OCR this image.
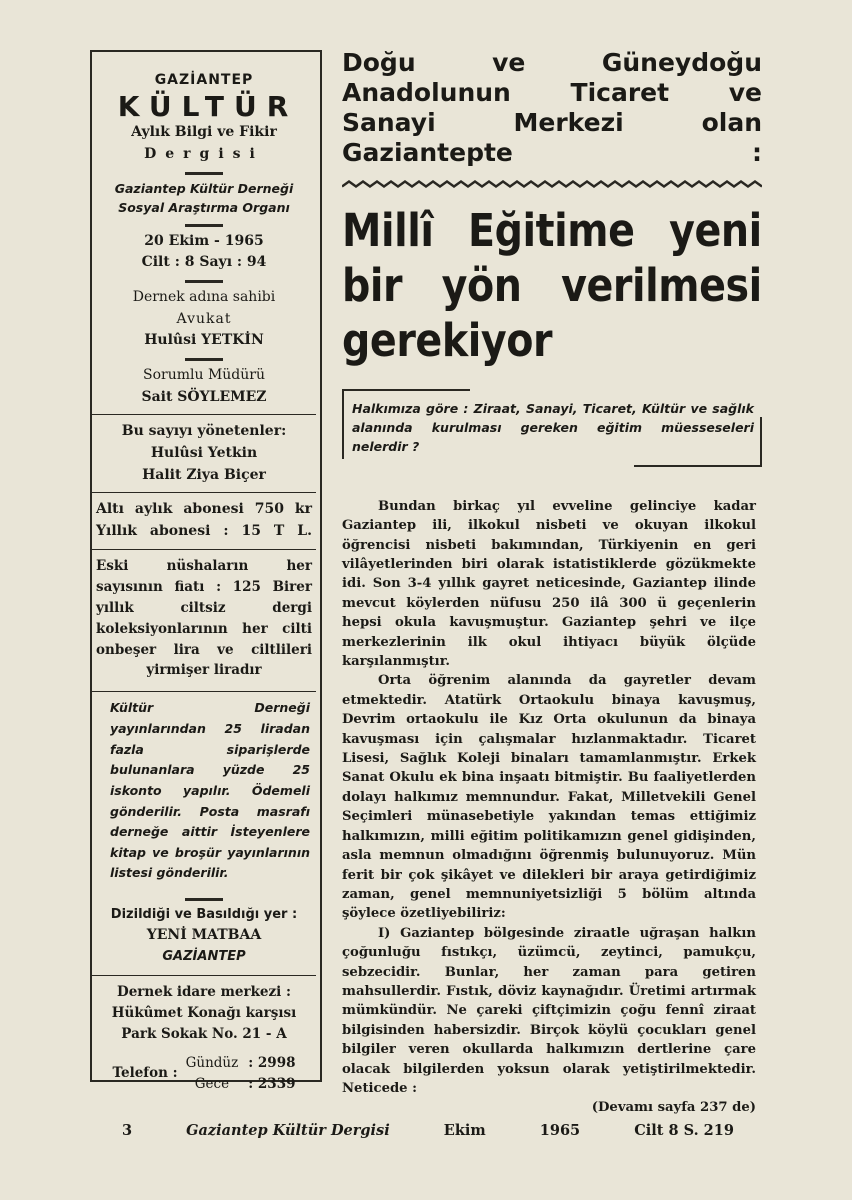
GAZİANTEP
KÜLTÜR
Aylık Bilgi ve Fikir
Dergisi
Gaziantep Kültür Derneği
Sosyal Araştırma Organı
20 Ekim - 1965
Cilt : 8 Sayı : 94
Dernek adına sahibi
Avukat
Hulûsi YETKİN
Sorumlu Müdürü
Sait SÖYLEMEZ
Bu sayıyı yönetenler:
Hulûsi Yetkin
Halit Ziya Biçer
Altı aylık abonesi 750 kr
Yıllık abonesi : 15 T L.
Eski nüshaların her sayısının fiatı : 125 Birer yıllık ciltsiz dergi koleksiyonlarının her cilti onbeşer lira ve ciltlileri yirmişer liradır
Kültür Derneği yayınlarından 25 liradan fazla siparişlerde bulunanlara yüzde 25 iskonto yapılır. Ödemeli gönderilir. Posta masrafı derneğe aittir İsteyenlere kitap ve broşür yayınlarının listesi gönderilir.
Dizildiği ve Basıldığı yer :
YENİ MATBAA
GAZİANTEP
Dernek idare merkezi :
Hükûmet Konağı karşısı
Park Sokak No. 21 - A
Telefon :
Gündüz : 2998
Gece	: 2339
Doğu ve Güneydoğu Anadolunun Ticaret ve Sanayi Merkezi olan Gaziantepte :
Millî Eğitime yeni bir yön verilmesi gerekiyor
Halkımıza göre : Ziraat, Sanayi, Ticaret, Kültür ve sağlık alanında kurulması gereken eğitim müesseseleri nelerdir ?

Bundan birkaç yıl evveline gelinciye kadar Gaziantep ili, ilkokul nisbeti ve okuyan ilkokul öğrencisi nisbeti bakımından, Türkiyenin en geri vilâyetlerinden biri olarak istatistiklerde gözükmekte idi. Son 3-4 yıllık gayret neticesinde, Gaziantep ilinde mevcut köylerden nüfusu 250 ilâ 300 ü geçenlerin hepsi okula kavuşmuştur. Gaziantep şehri ve ilçe merkezlerinin ilk okul ihtiyacı büyük ölçüde karşılanmıştır.

Orta öğrenim alanında da gayretler devam etmektedir. Atatürk Ortaokulu binaya kavuşmuş, Devrim ortaokulu ile Kız Orta okulunun da binaya kavuşması için çalışmalar hızlanmaktadır. Ticaret Lisesi, Sağlık Koleji binaları tamamlanmıştır. Erkek Sanat Okulu ek bina inşaatı bitmiştir. Bu faaliyetlerden dolayı halkımız memnundur. Fakat, Milletvekili Genel Seçimleri münasebetiyle yakından temas ettiğimiz halkımızın, milli eğitim politikamızın genel gidişinden, asla memnun olmadığını öğrenmiş bulunuyoruz. Mün ferit bir çok şikâyet ve dilekleri bir araya getirdiğimiz zaman, genel memnuniyetsizliği 5 bölüm altında şöylece özetliyebiliriz:

I) Gaziantep bölgesinde ziraatle uğraşan halkın çoğunluğu fıstıkçı, üzümcü, zeytinci, pamukçu, sebzecidir. Bunlar, her zaman para getiren mahsullerdir. Fıstık, döviz kaynağıdır. Üretimi artırmak mümkündür. Ne çareki çiftçimizin çoğu fennî ziraat bilgisinden habersizdir. Birçok köylü çocukları genel bilgiler veren okullarda halkımızın dertlerine çare olacak bilgilerden yoksun olarak yetiştirilmektedir. Neticede :

(Devamı sayfa 237 de)

3	Gaziantep Kültür Dergisi	Ekim	1965	Cilt 8 S. 219
